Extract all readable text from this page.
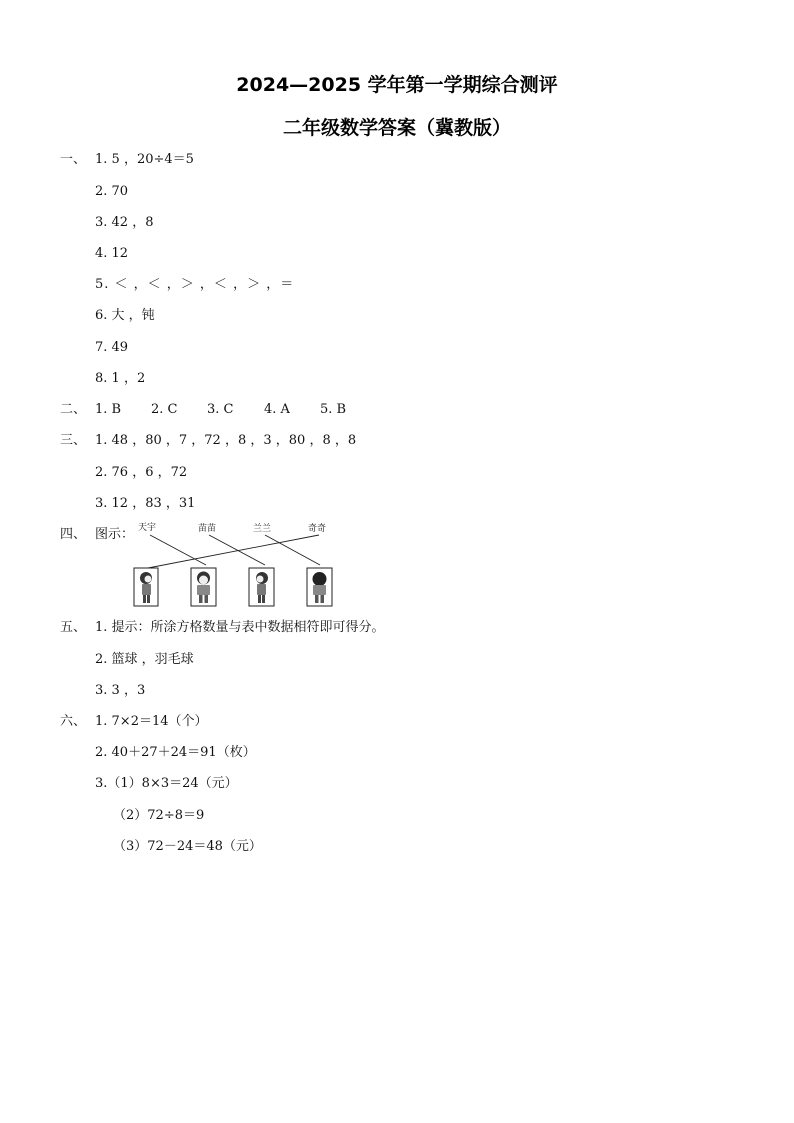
2024—2025 学年第一学期综合测评
二年级数学答案（冀教版）
一、 1. 5 ，20÷4＝5
2. 70
3. 42 ，8
4. 12
5. ＜ ，＜ ，＞ ，＜ ，＞ ，＝
6. 大 ，钝
7. 49
8. 1 ，2
二、 1. B 2. C 3. C 4. A 5. B
三、 1. 48 ，80 ，7 ，72 ，8 ，3 ，80 ，8 ，8
2. 76 ，6 ，72
3. 12 ，83 ，31
四、 图示： 天宇	苗苗	兰兰	奇奇
五、 1. 提示：所涂方格数量与表中数据相符即可得分。
2. 篮球 ，羽毛球
3. 3 ，3
六、 1. 7×2＝14（个）
2. 40＋27＋24＝91（枚）
3.（1）8×3＝24（元）
（2）72÷8＝9
（3）72－24＝48（元）
